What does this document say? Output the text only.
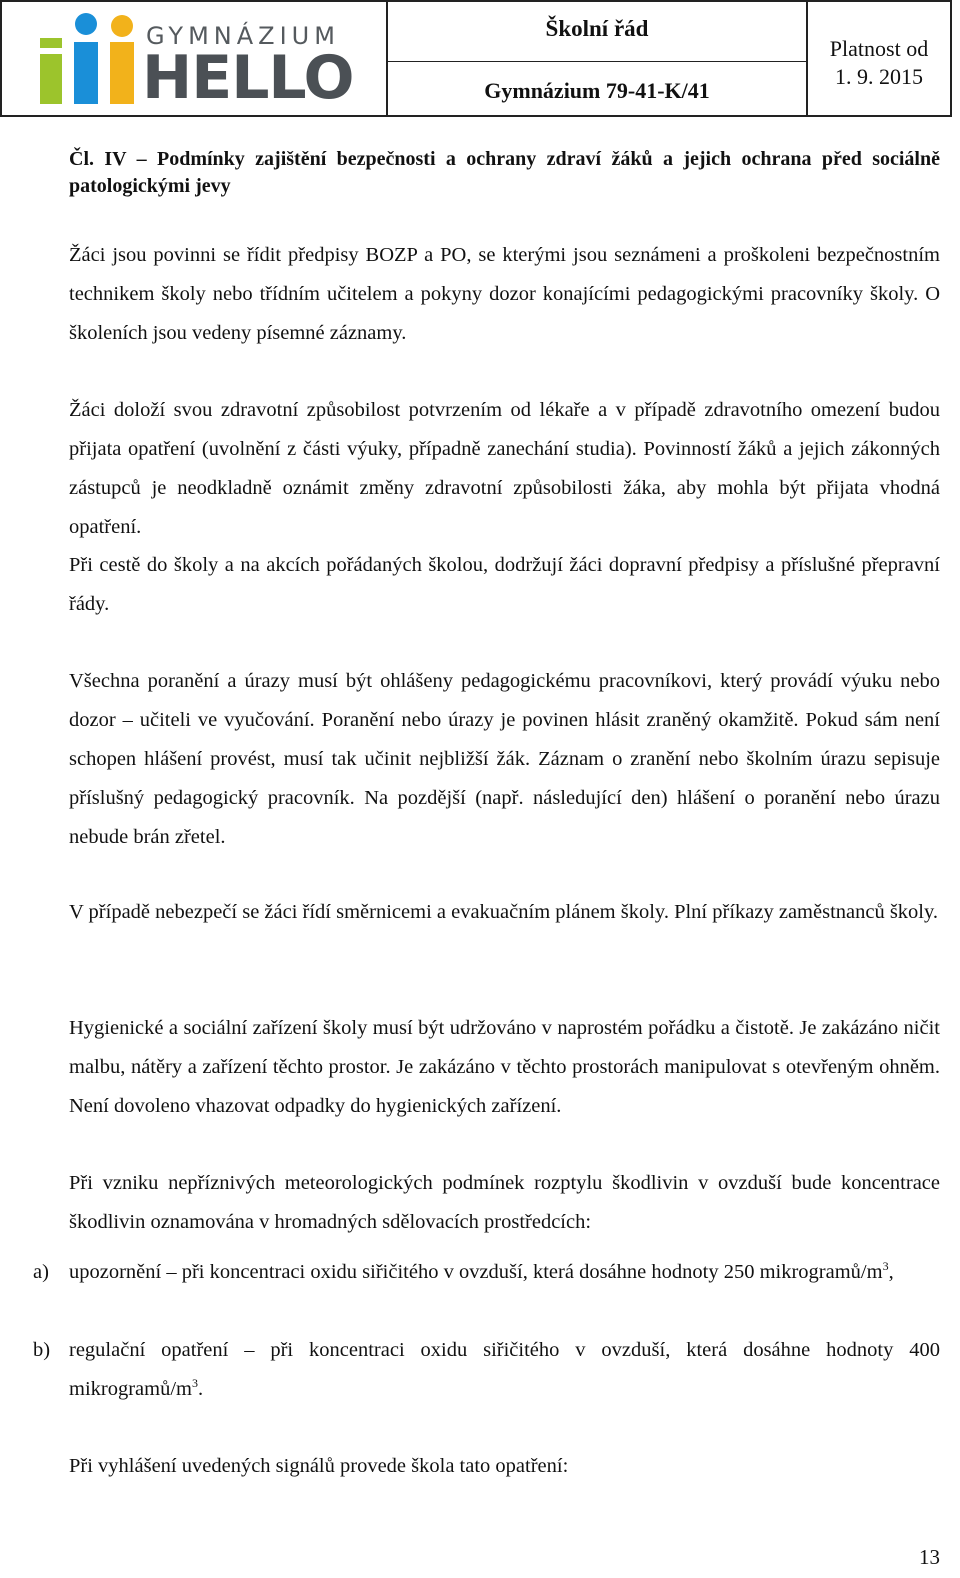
GYMNÁZIUM
HELLO
Školní řád
Gymnázium 79-41-K/41
Platnost od
1. 9. 2015
Čl. IV – Podmínky zajištění bezpečnosti a ochrany zdraví žáků a jejich ochrana před sociálně patologickými jevy
Žáci jsou povinni se řídit předpisy BOZP a PO, se kterými jsou seznámeni a proškoleni bezpečnostním technikem školy nebo třídním učitelem a pokyny dozor konajícími pedagogickými pracovníky školy. O školeních jsou vedeny písemné záznamy.
Žáci doloží svou zdravotní způsobilost potvrzením od lékaře a v případě zdravotního omezení budou přijata opatření (uvolnění z části výuky, případně zanechání studia). Povinností žáků a jejich zákonných zástupců je neodkladně oznámit změny zdravotní způsobilosti žáka, aby mohla být přijata vhodná opatření.
Při cestě do školy a na akcích pořádaných školou, dodržují žáci dopravní předpisy a příslušné přepravní řády.
Všechna poranění a úrazy musí být ohlášeny pedagogickému pracovníkovi, který provádí výuku nebo dozor – učiteli ve vyučování. Poranění nebo úrazy je povinen hlásit zraněný okamžitě. Pokud sám není schopen hlášení provést, musí tak učinit nejbližší žák. Záznam o zranění nebo školním úrazu sepisuje příslušný pedagogický pracovník. Na pozdější (např. následující den) hlášení o poranění nebo úrazu nebude brán zřetel.
V případě nebezpečí se žáci řídí směrnicemi a evakuačním plánem školy. Plní příkazy zaměstnanců školy.
Hygienické a sociální zařízení školy musí být udržováno v naprostém pořádku a čistotě. Je zakázáno ničit malbu, nátěry a zařízení těchto prostor. Je zakázáno v těchto prostorách manipulovat s otevřeným ohněm. Není dovoleno vhazovat odpadky do hygienických zařízení.
Při vzniku nepříznivých meteorologických podmínek rozptylu škodlivin v ovzduší bude koncentrace škodlivin oznamována v hromadných sdělovacích prostředcích:
a) upozornění – při koncentraci oxidu siřičitého v ovzduší, která dosáhne hodnoty 250 mikrogramů/$m^3$,
b) regulační opatření – při koncentraci oxidu siřičitého v ovzduší, která dosáhne hodnoty 400 mikrogramů/$m^3$.
Při vyhlášení uvedených signálů provede škola tato opatření:
13
